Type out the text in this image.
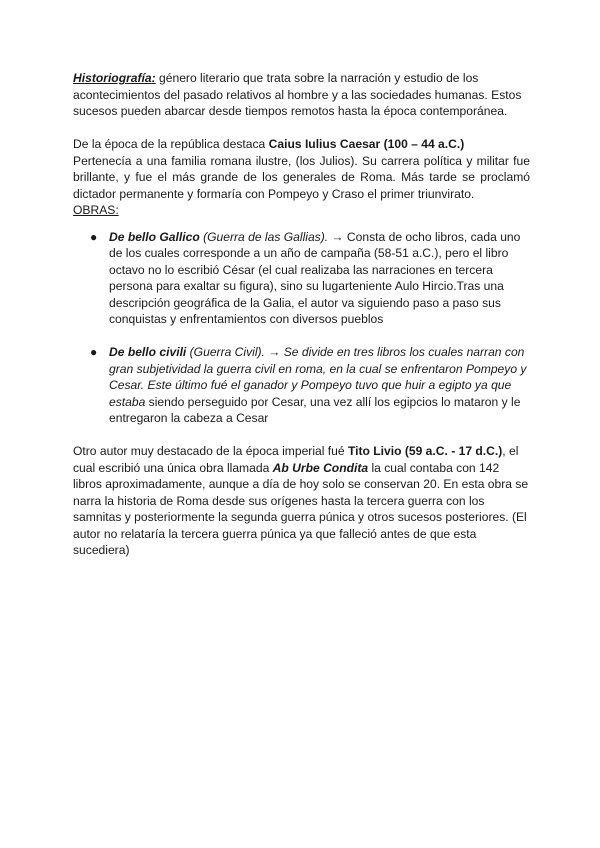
Historiografía: género literario que trata sobre la narración y estudio de los acontecimientos del pasado relativos al hombre y a las sociedades humanas. Estos sucesos pueden abarcar desde tiempos remotos hasta la época contemporánea.

De la época de la república destaca Caius Iulius Caesar (100 – 44 a.C.)

Pertenecía a una familia romana ilustre, (los Julios). Su carrera política y militar fue brillante, y fue el más grande de los generales de Roma. Más tarde se proclamó dictador permanente y formaría con Pompeyo y Craso el primer triunvirato.

OBRAS:

● De bello Gallico (Guerra de las Gallias). → Consta de ocho libros, cada uno de los cuales corresponde a un año de campaña (58-51 a.C.), pero el libro octavo no lo escribió César (el cual realizaba las narraciones en tercera persona para exaltar su figura), sino su lugarteniente Aulo Hircio.Tras una descripción geográfica de la Galia, el autor va siguiendo paso a paso sus conquistas y enfrentamientos con diversos pueblos
● De bello civili (Guerra Civil). → Se divide en tres libros los cuales narran con gran subjetividad la guerra civil en roma, en la cual se enfrentaron Pompeyo y Cesar. Este último fué el ganador y Pompeyo tuvo que huir a egipto ya que estaba siendo perseguido por Cesar, una vez allí los egipcios lo mataron y le entregaron la cabeza a Cesar

Otro autor muy destacado de la época imperial fué Tito Livio (59 a.C. - 17 d.C.), el cual escribió una única obra llamada Ab Urbe Condita la cual contaba con 142 libros aproximadamente, aunque a día de hoy solo se conservan 20. En esta obra se narra la historia de Roma desde sus orígenes hasta la tercera guerra con los samnitas y posteriormente la segunda guerra púnica y otros sucesos posteriores. (El autor no relataría la tercera guerra púnica ya que falleció antes de que esta sucediera)
